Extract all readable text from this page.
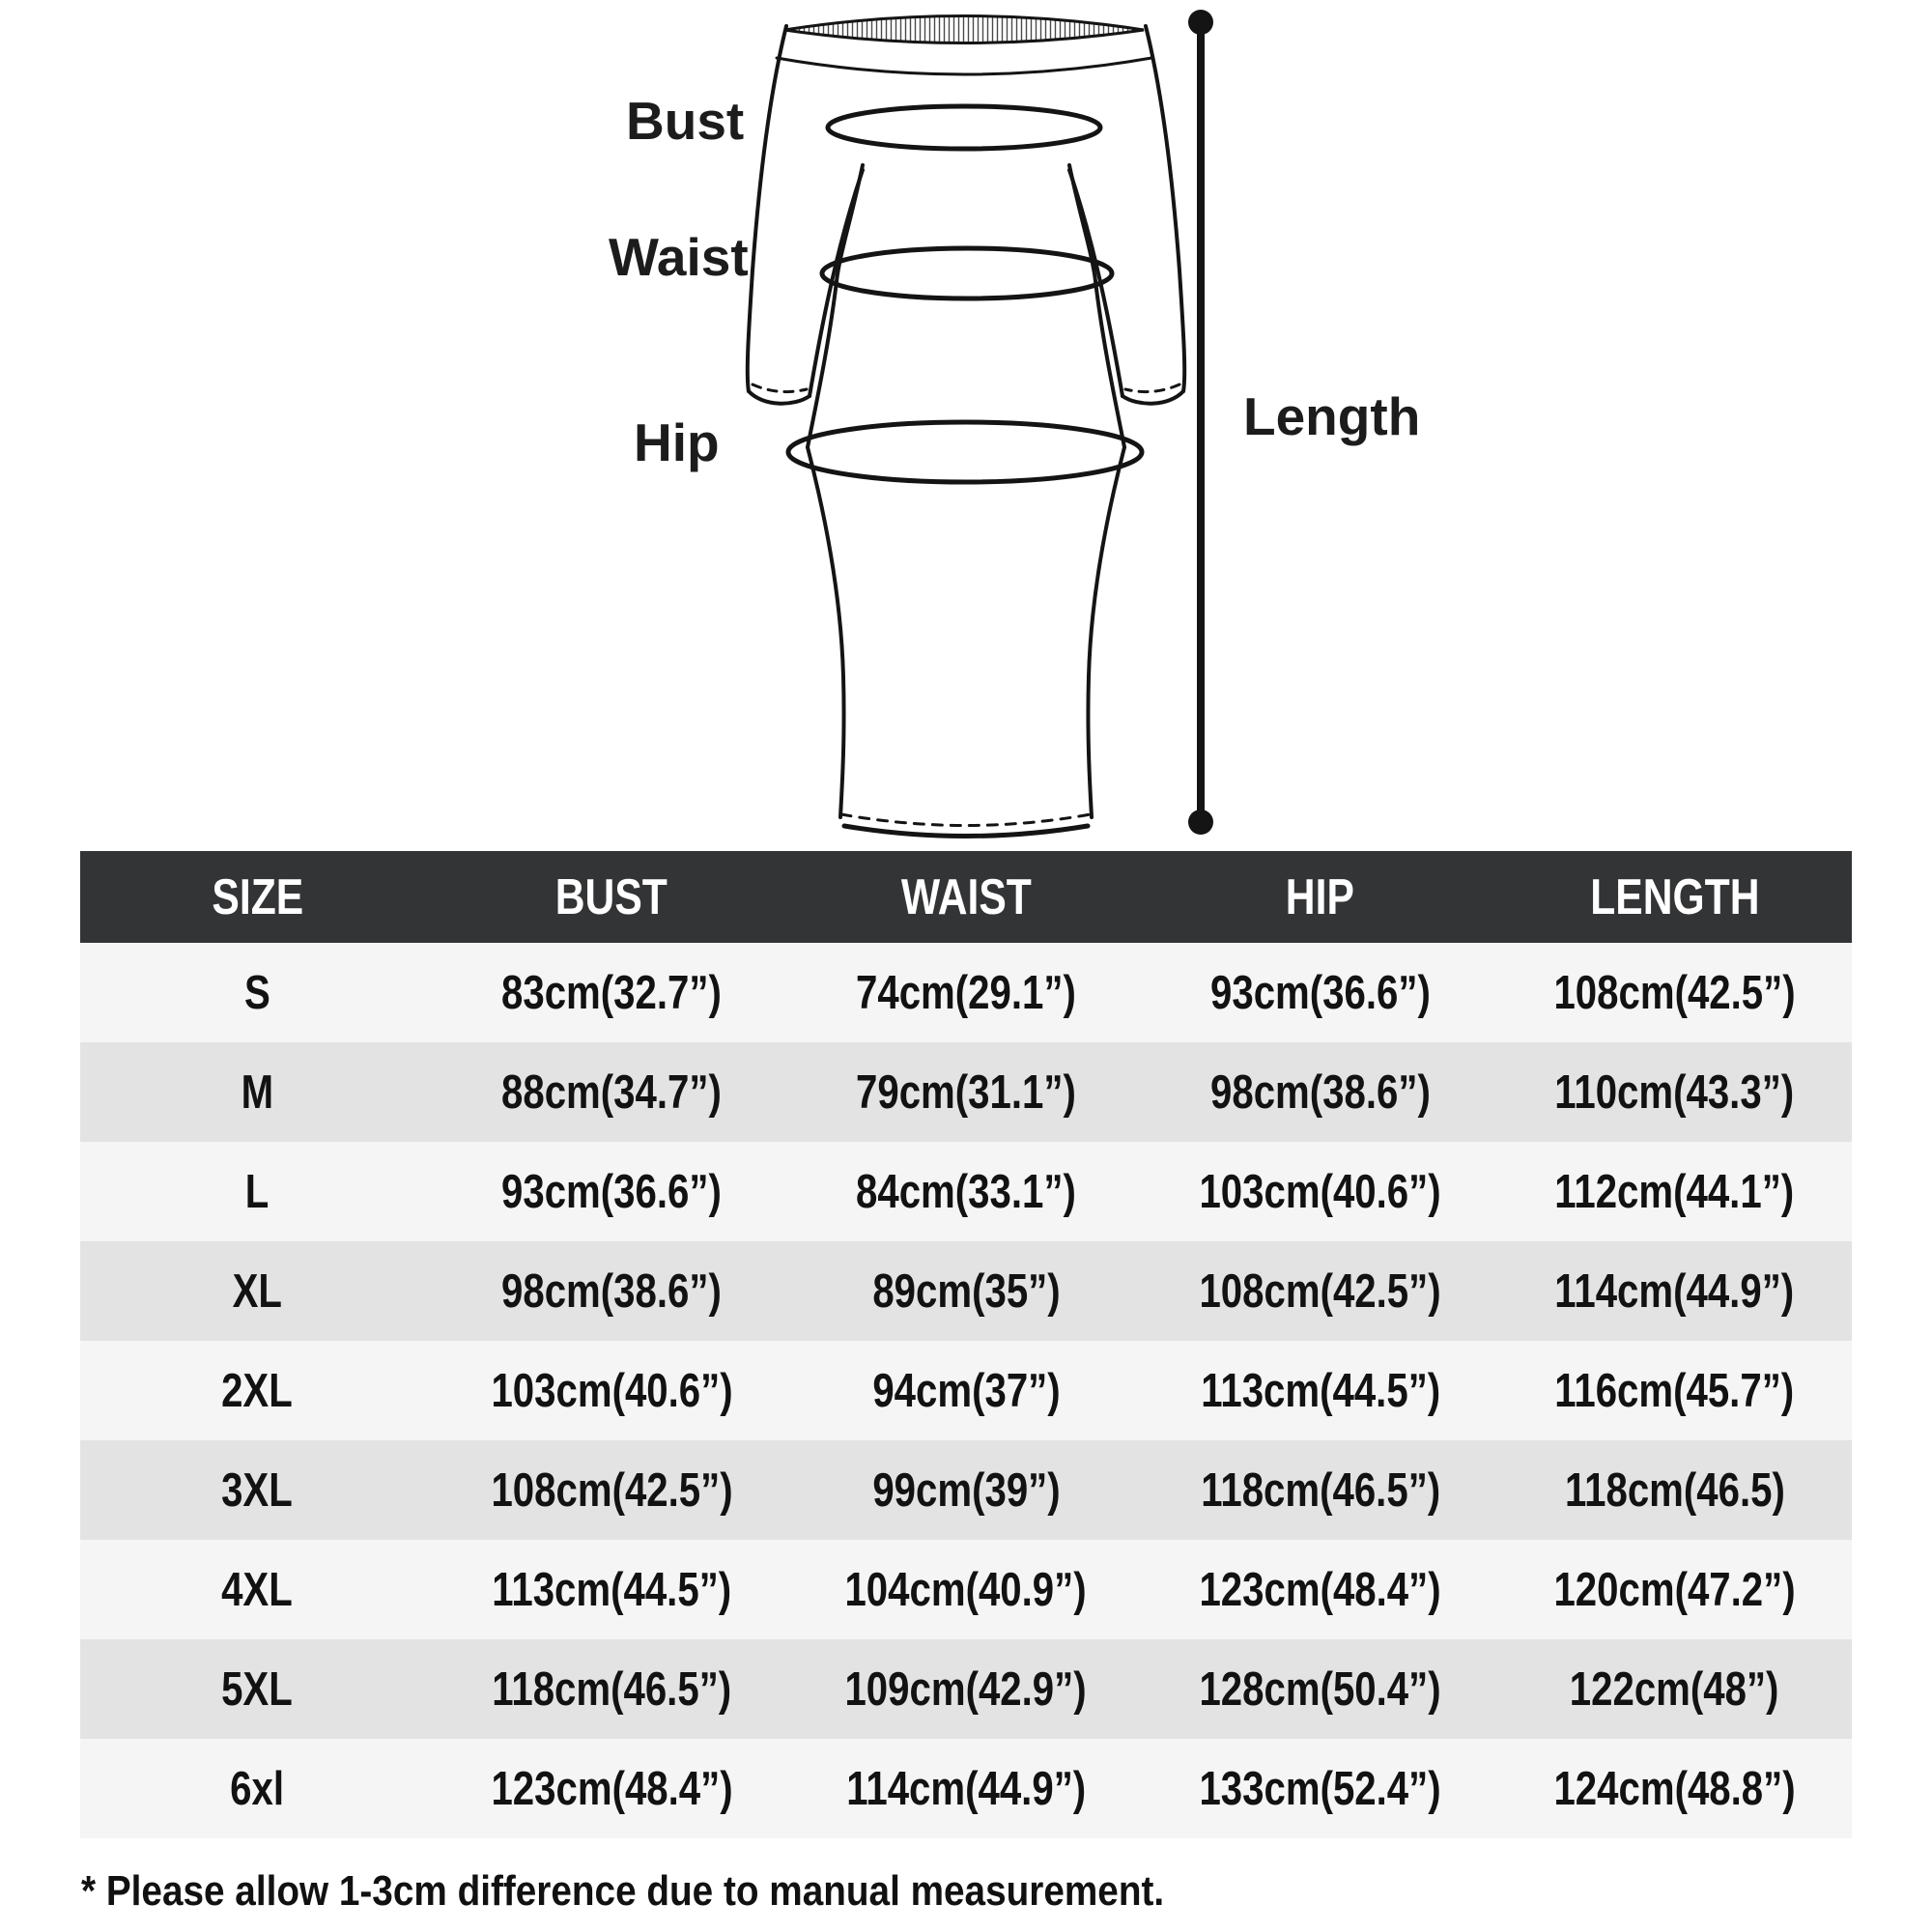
Bust
Waist
Hip	Length
SIZE	BUST	WAIST	HIP	LENGTH
S	83cm(32.7”)	74cm(29.1”)	93cm(36.6”)	108cm(42.5”)
M	88cm(34.7”)	79cm(31.1”)	98cm(38.6”)	110cm(43.3”)
L	93cm(36.6”)	84cm(33.1”)	103cm(40.6”)	112cm(44.1”)
XL	98cm(38.6”)	89cm(35”)	108cm(42.5”)	114cm(44.9”)
2XL	103cm(40.6”)	94cm(37”)	113cm(44.5”)	116cm(45.7”)
3XL	108cm(42.5”)	99cm(39”)	118cm(46.5”)	118cm(46.5)
4XL	113cm(44.5”)	104cm(40.9”)	123cm(48.4”)	120cm(47.2”)
5XL	118cm(46.5”)	109cm(42.9”)	128cm(50.4”)	122cm(48”)
6xl	123cm(48.4”)	114cm(44.9”)	133cm(52.4”)	124cm(48.8”)
* Please allow 1-3cm difference due to manual measurement.
